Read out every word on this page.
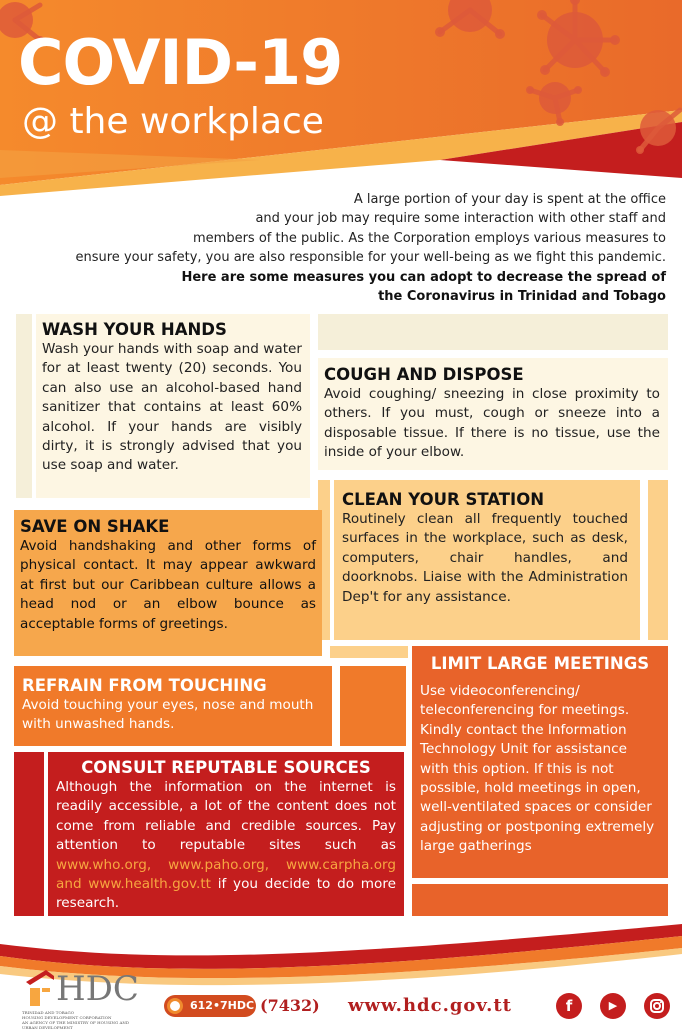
COVID-19
@ the workplace
A large portion of your day is spent at the office
and your job may require some interaction with other staff and
members of the public. As the Corporation employs various measures to
ensure your safety, you are also responsible for your well-being as we fight this pandemic.
Here are some measures you can adopt to decrease the spread of
the Coronavirus in Trinidad and Tobago
WASH YOUR HANDS
Wash your hands with soap and water for at least twenty (20) seconds. You can also use an alcohol-based hand sanitizer that contains at least 60% alcohol. If your hands are visibly dirty, it is strongly advised that you use soap and water.
COUGH AND DISPOSE
Avoid coughing/ sneezing in close proximity to others. If you must, cough or sneeze into a disposable tissue. If there is no tissue, use the inside of your elbow.
CLEAN YOUR STATION
Routinely clean all frequently touched surfaces in the workplace, such as desk, computers, chair handles, and doorknobs. Liaise with the Administration Dep't for any assistance.
SAVE ON SHAKE
Avoid handshaking and other forms of physical contact. It may appear awkward at first but our Caribbean culture allows a head nod or an elbow bounce as acceptable forms of greetings.
REFRAIN FROM TOUCHING
Avoid touching your eyes, nose and mouth with unwashed hands.
LIMIT LARGE MEETINGS
Use videoconferencing/ teleconferencing for meetings. Kindly contact the Information Technology Unit for assistance with this option. If this is not possible, hold meetings in open, well-ventilated spaces or consider adjusting or postponing extremely large gatherings
CONSULT REPUTABLE SOURCES
Although the information on the internet is readily accessible, a lot of the content does not come from reliable and credible sources. Pay attention to reputable sites such as www.who.org, www.paho.org, www.carpha.org and www.health.gov.tt if you decide to do more research.
HDC
TRINIDAD AND TOBAGO
HOUSING DEVELOPMENT CORPORATION
AN AGENCY OF THE MINISTRY OF HOUSING AND URBAN DEVELOPMENT
612•7HDC (7432) www.hdc.gov.tt	f	▶
